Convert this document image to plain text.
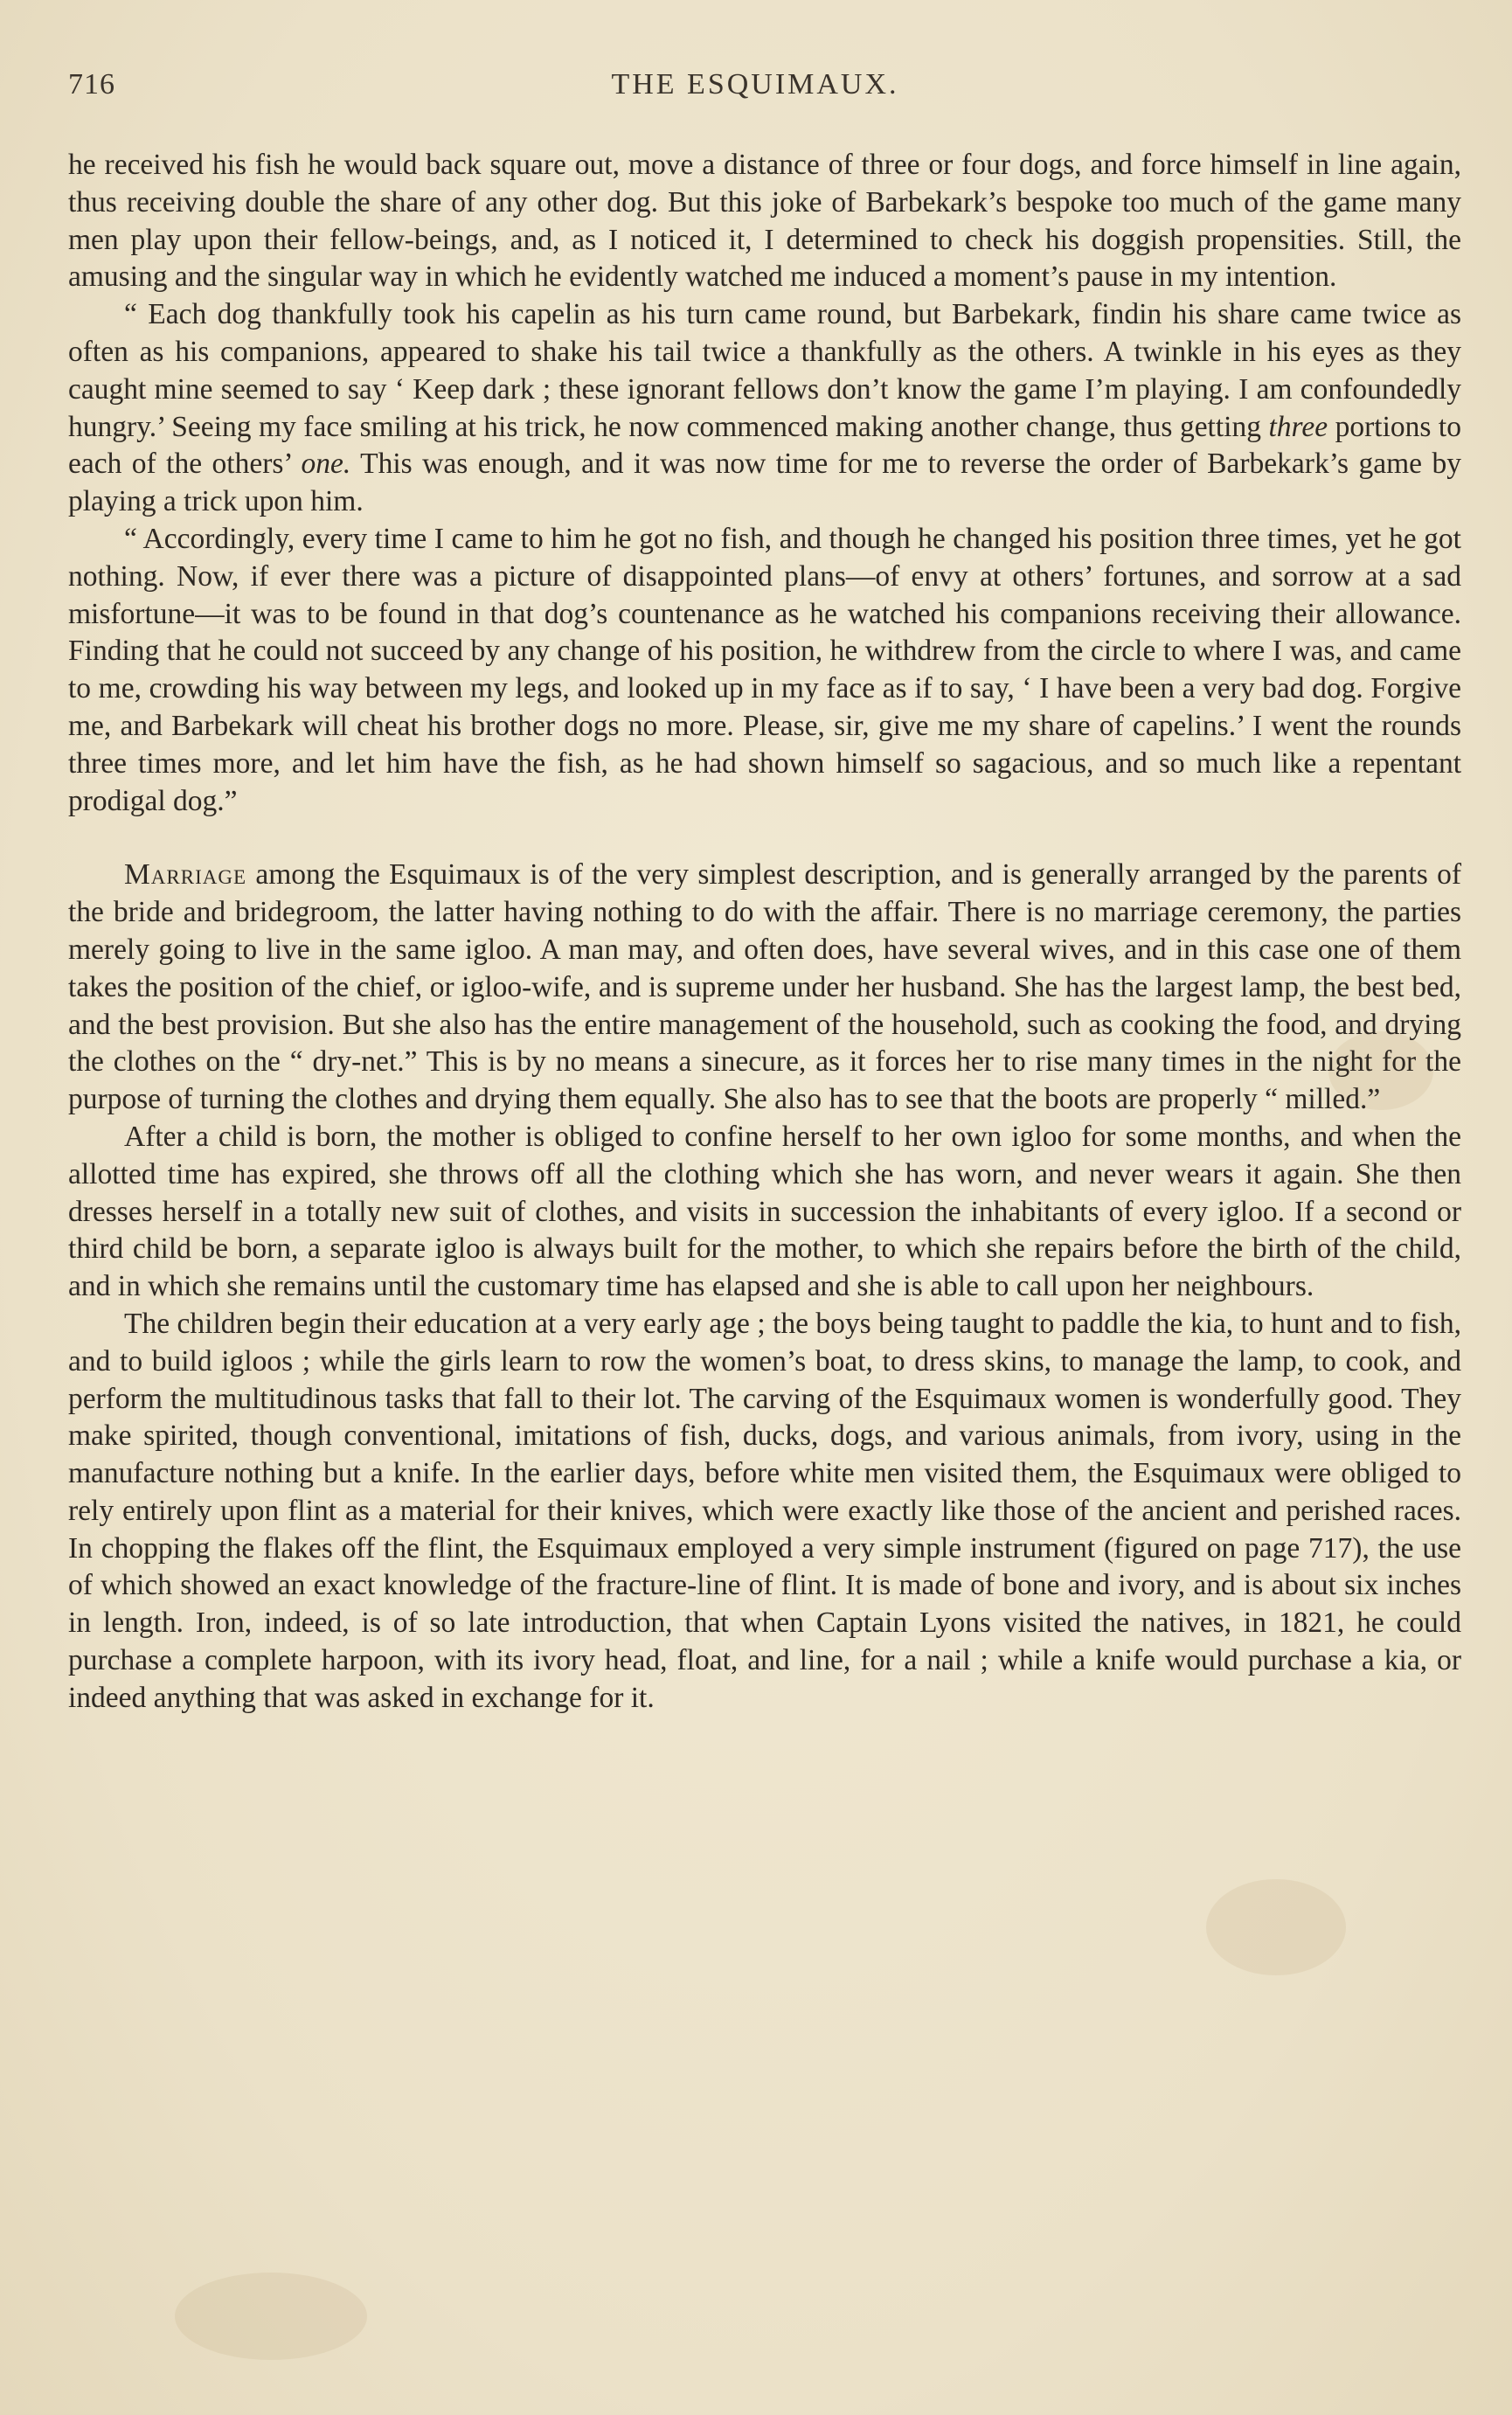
716	THE ESQUIMAUX.

he received his fish he would back square out, move a distance of three or four dogs, and force himself in line again, thus receiving double the share of any other dog. But this joke of Barbekark’s bespoke too much of the game many men play upon their fellow-beings, and, as I noticed it, I determined to check his doggish propensities. Still, the amusing and the singular way in which he evidently watched me induced a moment’s pause in my intention.

“ Each dog thankfully took his capelin as his turn came round, but Barbekark, findin his share came twice as often as his companions, appeared to shake his tail twice a thankfully as the others. A twinkle in his eyes as they caught mine seemed to say ‘ Keep dark ; these ignorant fellows don’t know the game I’m playing. I am confoundedly hungry.’ Seeing my face smiling at his trick, he now commenced making another change, thus getting three portions to each of the others’ one. This was enough, and it was now time for me to reverse the order of Barbekark’s game by playing a trick upon him.

“ Accordingly, every time I came to him he got no fish, and though he changed his position three times, yet he got nothing. Now, if ever there was a picture of disappointed plans—of envy at others’ fortunes, and sorrow at a sad misfortune—it was to be found in that dog’s countenance as he watched his companions receiving their allowance. Finding that he could not succeed by any change of his position, he withdrew from the circle to where I was, and came to me, crowding his way between my legs, and looked up in my face as if to say, ‘ I have been a very bad dog. Forgive me, and Barbekark will cheat his brother dogs no more. Please, sir, give me my share of capelins.’ I went the rounds three times more, and let him have the fish, as he had shown himself so sagacious, and so much like a repentant prodigal dog.”

Marriage among the Esquimaux is of the very simplest description, and is generally arranged by the parents of the bride and bridegroom, the latter having nothing to do with the affair. There is no marriage ceremony, the parties merely going to live in the same igloo. A man may, and often does, have several wives, and in this case one of them takes the position of the chief, or igloo-wife, and is supreme under her husband. She has the largest lamp, the best bed, and the best provision. But she also has the entire management of the household, such as cooking the food, and drying the clothes on the “ dry-net.” This is by no means a sinecure, as it forces her to rise many times in the night for the purpose of turning the clothes and drying them equally. She also has to see that the boots are properly “ milled.”

After a child is born, the mother is obliged to confine herself to her own igloo for some months, and when the allotted time has expired, she throws off all the clothing which she has worn, and never wears it again. She then dresses herself in a totally new suit of clothes, and visits in succession the inhabitants of every igloo. If a second or third child be born, a separate igloo is always built for the mother, to which she repairs before the birth of the child, and in which she remains until the customary time has elapsed and she is able to call upon her neighbours.

The children begin their education at a very early age ; the boys being taught to paddle the kia, to hunt and to fish, and to build igloos ; while the girls learn to row the women’s boat, to dress skins, to manage the lamp, to cook, and perform the multitudinous tasks that fall to their lot. The carving of the Esquimaux women is wonderfully good. They make spirited, though conventional, imitations of fish, ducks, dogs, and various animals, from ivory, using in the manufacture nothing but a knife. In the earlier days, before white men visited them, the Esquimaux were obliged to rely entirely upon flint as a material for their knives, which were exactly like those of the ancient and perished races. In chopping the flakes off the flint, the Esquimaux employed a very simple instrument (figured on page 717), the use of which showed an exact knowledge of the fracture-line of flint. It is made of bone and ivory, and is about six inches in length. Iron, indeed, is of so late introduction, that when Captain Lyons visited the natives, in 1821, he could purchase a complete harpoon, with its ivory head, float, and line, for a nail ; while a knife would purchase a kia, or indeed anything that was asked in exchange for it.
